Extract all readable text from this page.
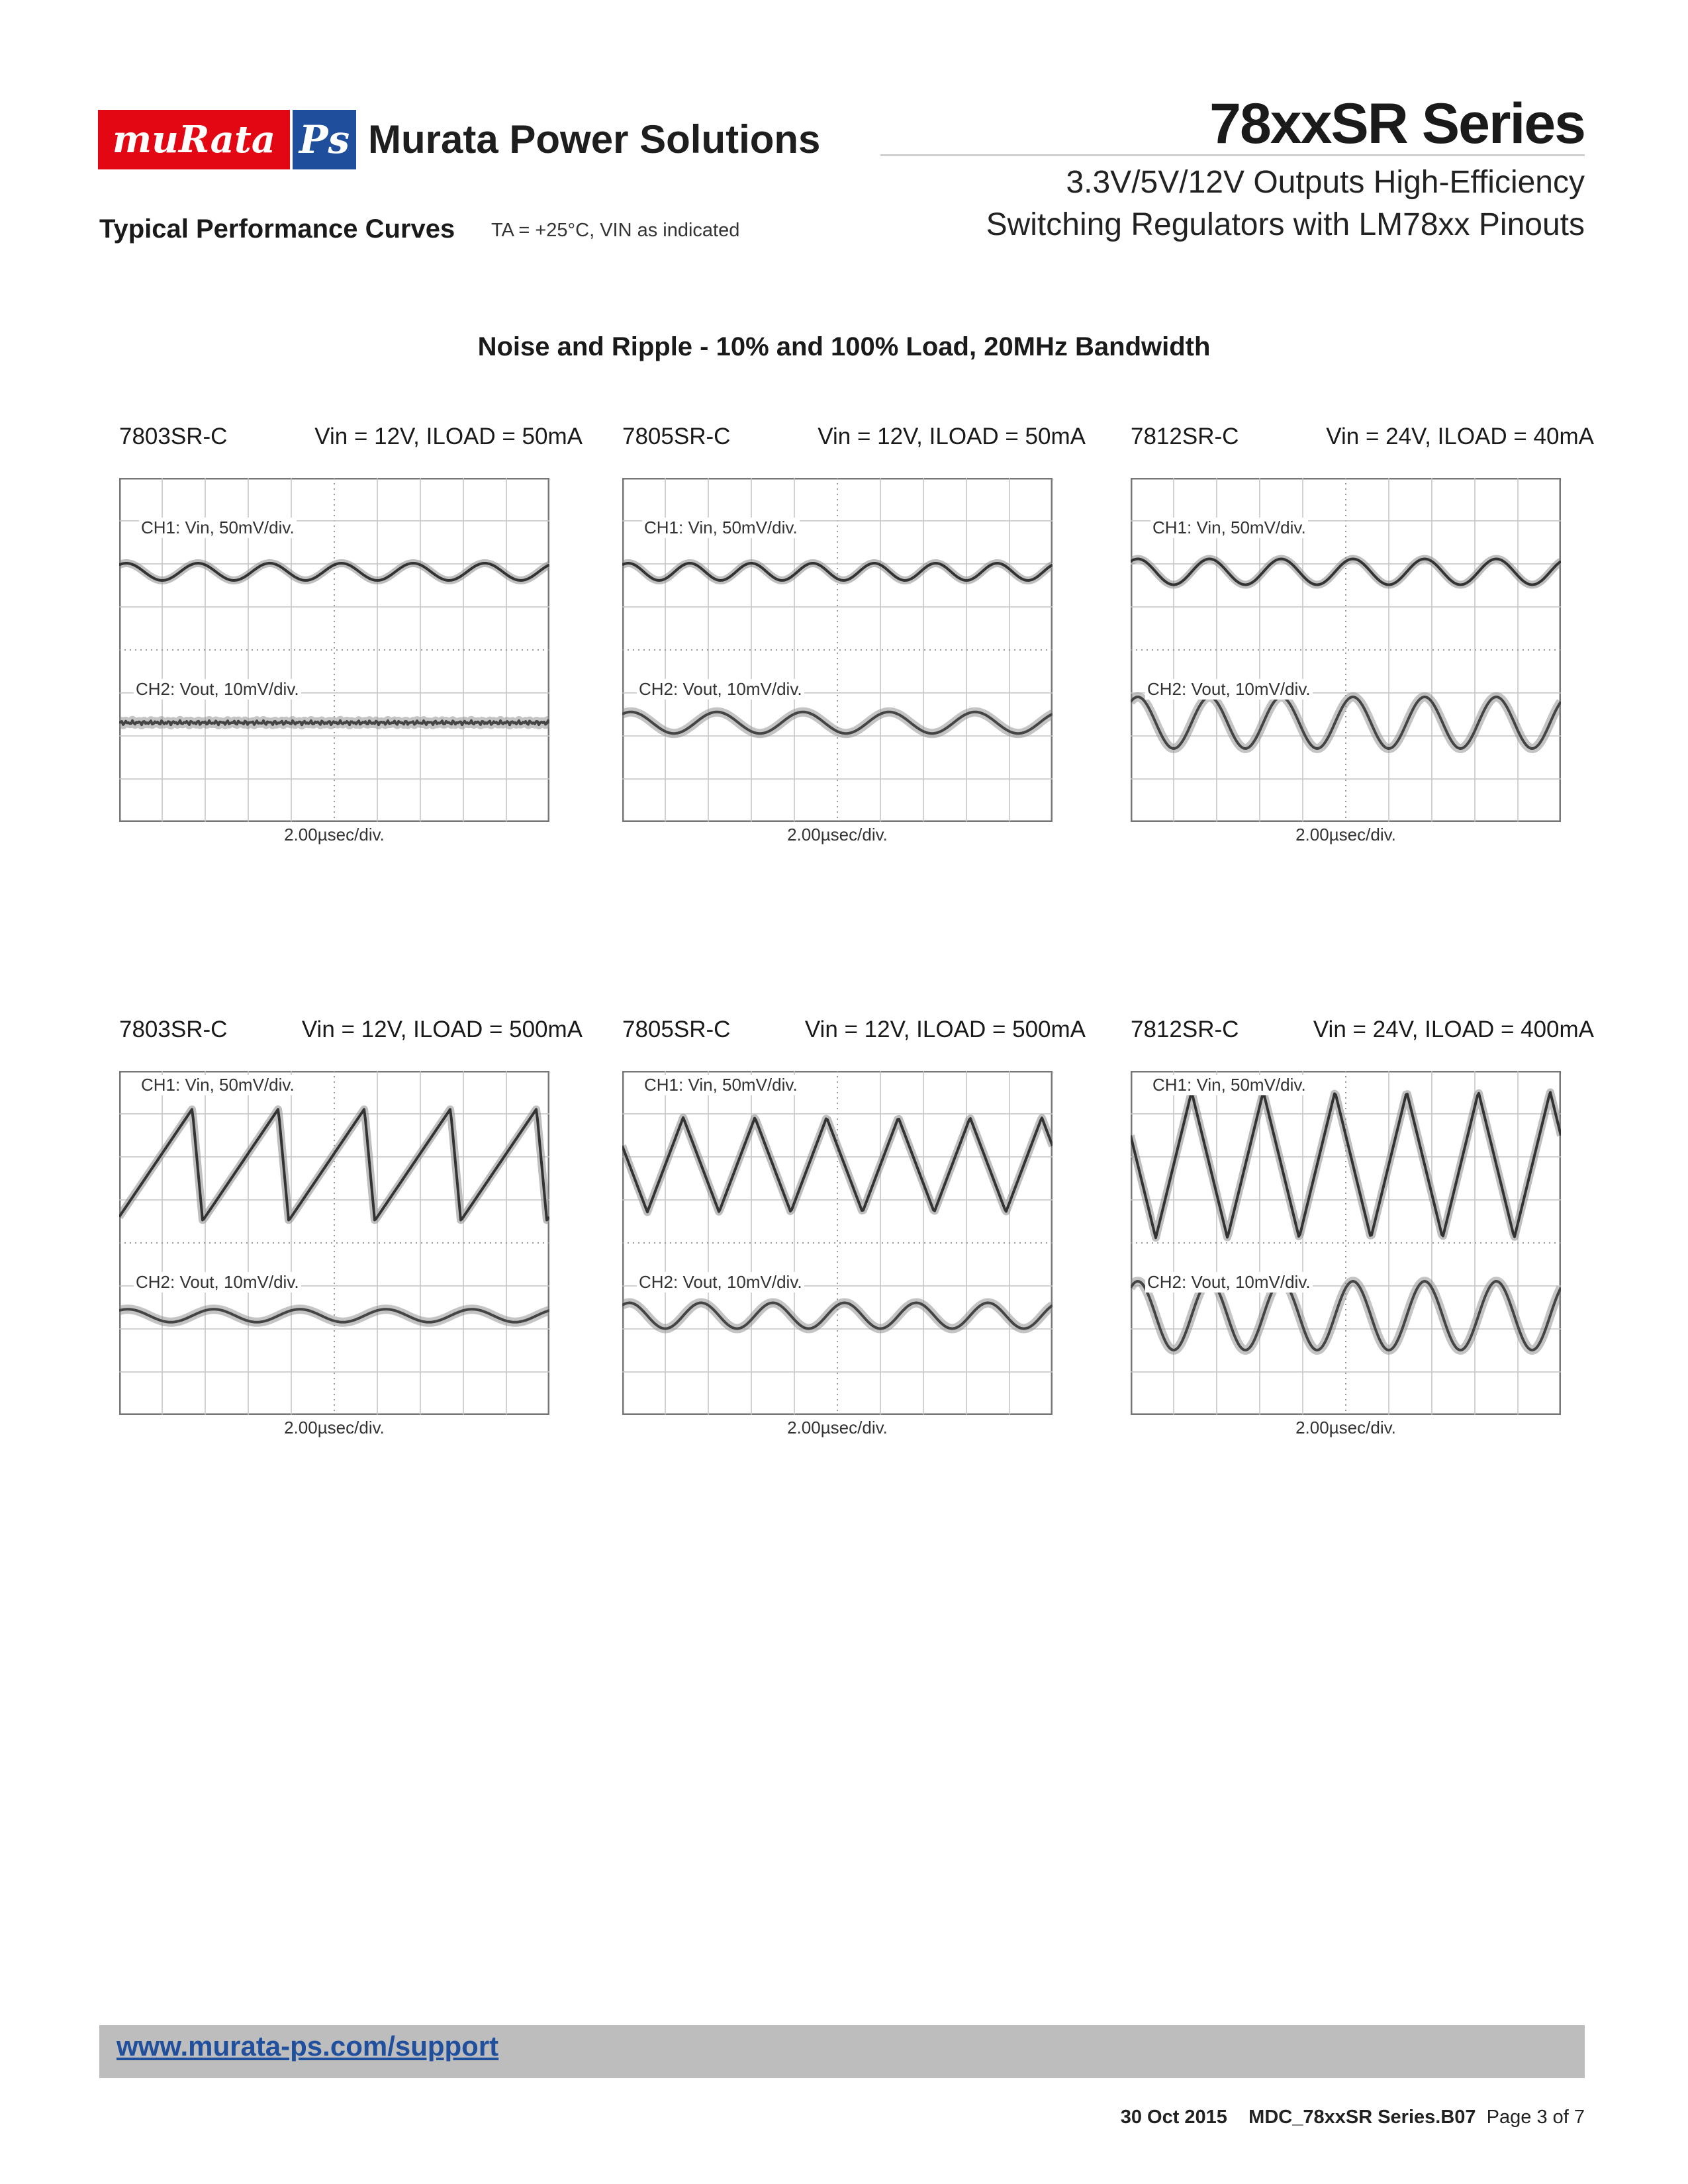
muRata Ps Murata Power Solutions	78xxSR Series
3.3V/5V/12V Outputs High-Efficiency
Switching Regulators with LM78xx Pinouts
Typical Performance Curves TA = +25°C, VIN as indicated
Noise and Ripple - 10% and 100% Load, 20MHz Bandwidth
7803SR-C	Vin = 12V, ILOAD = 50mA
CH1: Vin, 50mV/div.
CH2: Vout, 10mV/div.
2.00µsec/div.
7805SR-C	Vin = 12V, ILOAD = 50mA
CH1: Vin, 50mV/div.
CH2: Vout, 10mV/div.
2.00µsec/div.
7812SR-C	Vin = 24V, ILOAD = 40mA
CH1: Vin, 50mV/div.
CH2: Vout, 10mV/div.
2.00µsec/div.
7803SR-C	Vin = 12V, ILOAD = 500mA
CH1: Vin, 50mV/div.
CH2: Vout, 10mV/div.
2.00µsec/div.
7805SR-C	Vin = 12V, ILOAD = 500mA
CH1: Vin, 50mV/div.
CH2: Vout, 10mV/div.
2.00µsec/div.
7812SR-C	Vin = 24V, ILOAD = 400mA
CH1: Vin, 50mV/div.
CH2: Vout, 10mV/div.
2.00µsec/div.
www.murata-ps.com/support
30 Oct 2015 MDC_78xxSR Series.B07 Page 3 of 7
